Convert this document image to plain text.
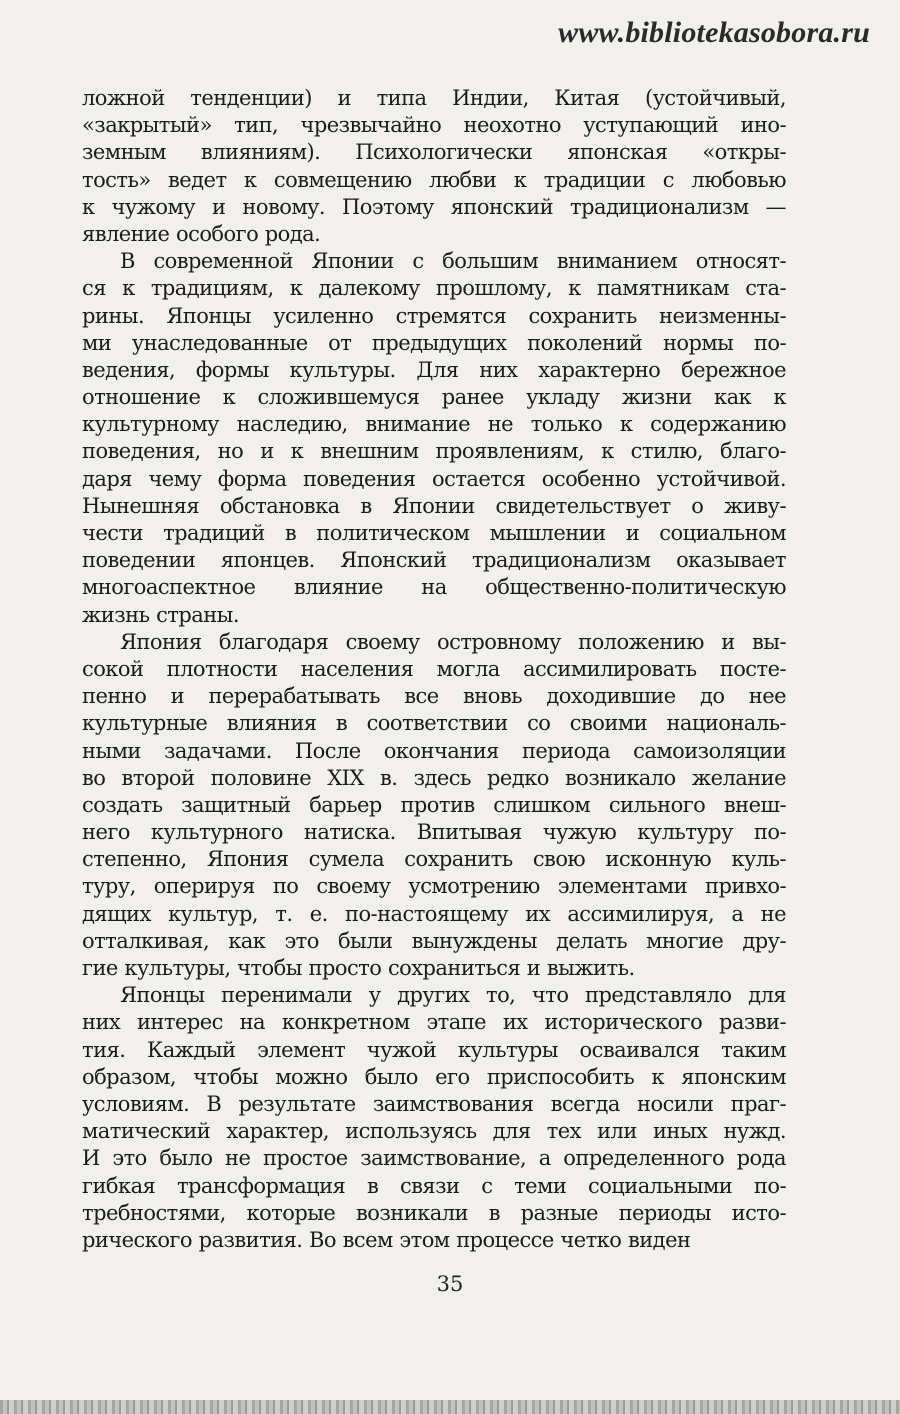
www.bibliotekasobora.ru
ложной тенденции) и типа Индии, Китая (устойчивый,
«закрытый» тип, чрезвычайно неохотно уступающий ино-
земным влияниям). Психологически японская «откры-
тость» ведет к совмещению любви к традиции с любовью
к чужому и новому. Поэтому японский традиционализм —
явление особого рода.
В современной Японии с большим вниманием относят-
ся к традициям, к далекому прошлому, к памятникам ста-
рины. Японцы усиленно стремятся сохранить неизменны-
ми унаследованные от предыдущих поколений нормы по-
ведения, формы культуры. Для них характерно бережное
отношение к сложившемуся ранее укладу жизни как к
культурному наследию, внимание не только к содержанию
поведения, но и к внешним проявлениям, к стилю, благо-
даря чему форма поведения остается особенно устойчивой.
Нынешняя обстановка в Японии свидетельствует о живу-
чести традиций в политическом мышлении и социальном
поведении японцев. Японский традиционализм оказывает
многоаспектное влияние на общественно-политическую
жизнь страны.
Япония благодаря своему островному положению и вы-
сокой плотности населения могла ассимилировать посте-
пенно и перерабатывать все вновь доходившие до нее
культурные влияния в соответствии со своими националь-
ными задачами. После окончания периода самоизоляции
во второй половине XIX в. здесь редко возникало желание
создать защитный барьер против слишком сильного внеш-
него культурного натиска. Впитывая чужую культуру по-
степенно, Япония сумела сохранить свою исконную куль-
туру, оперируя по своему усмотрению элементами привхо-
дящих культур, т. е. по-настоящему их ассимилируя, а не
отталкивая, как это были вынуждены делать многие дру-
гие культуры, чтобы просто сохраниться и выжить.
Японцы перенимали у других то, что представляло для
них интерес на конкретном этапе их исторического разви-
тия. Каждый элемент чужой культуры осваивался таким
образом, чтобы можно было его приспособить к японским
условиям. В результате заимствования всегда носили праг-
матический характер, используясь для тех или иных нужд.
И это было не простое заимствование, а определенного рода
гибкая трансформация в связи с теми социальными по-
требностями, которые возникали в разные периоды исто-
рического развития. Во всем этом процессе четко виден
35
